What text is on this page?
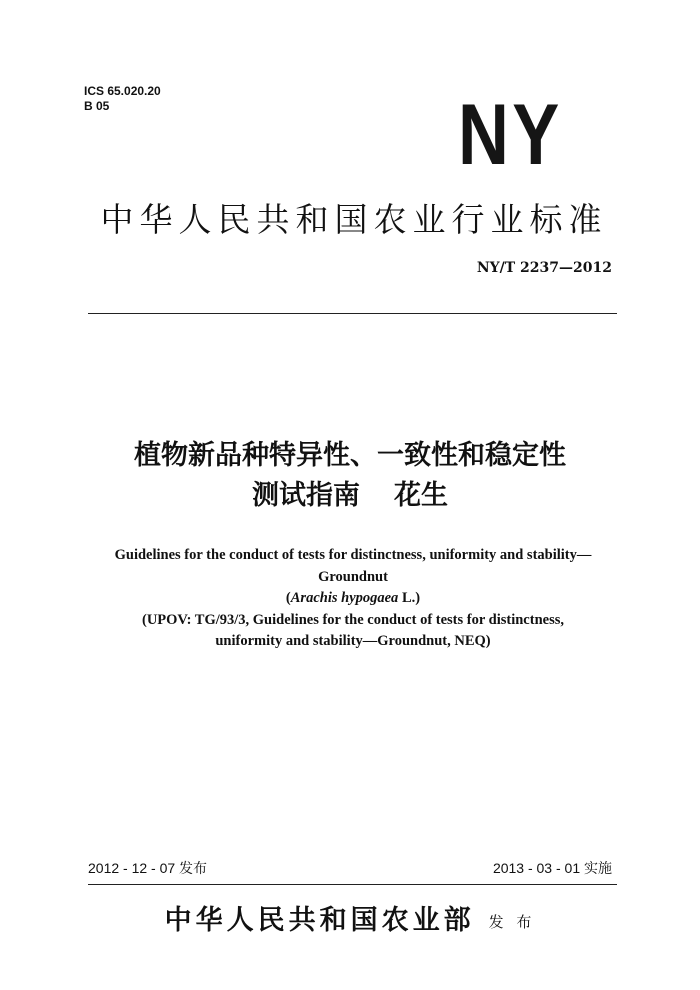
ICS 65.020.20
B 05	NY
中华人民共和国农业行业标准
NY/T 2237—2012
植物新品种特异性、一致性和稳定性
测试指南 花生
Guidelines for the conduct of tests for distinctness, uniformity and stability—
Groundnut
(Arachis hypogaea L.)
(UPOV: TG/93/3, Guidelines for the conduct of tests for distinctness,
uniformity and stability—Groundnut, NEQ)
2012 - 12 - 07 发布	2013 - 03 - 01 实施
中华人民共和国农业部 发 布
